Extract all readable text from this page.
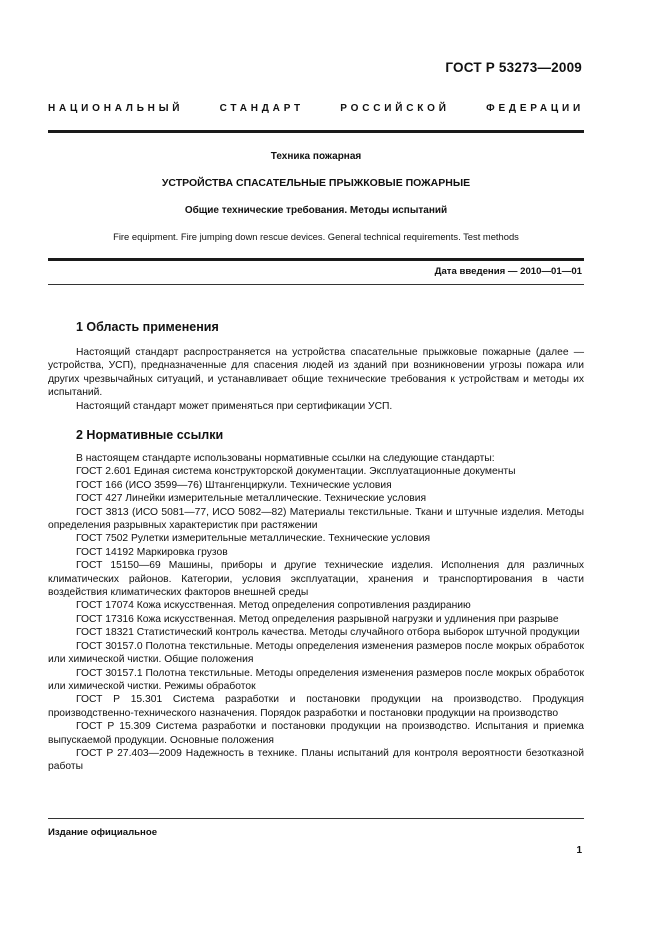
ГОСТ Р 53273—2009
НАЦИОНАЛЬНЫЙ СТАНДАРТ РОССИЙСКОЙ ФЕДЕРАЦИИ
Техника пожарная
УСТРОЙСТВА СПАСАТЕЛЬНЫЕ ПРЫЖКОВЫЕ ПОЖАРНЫЕ
Общие технические требования. Методы испытаний
Fire equipment. Fire jumping down rescue devices. General technical requirements. Test methods
Дата введения — 2010—01—01
1 Область применения

Настоящий стандарт распространяется на устройства спасательные прыжковые пожарные (далее — устройства, УСП), предназначенные для спасения людей из зданий при возникновении угрозы пожара или других чрезвычайных ситуаций, и устанавливает общие технические требования к устройствам и методы их испытаний.

Настоящий стандарт может применяться при сертификации УСП.

2 Нормативные ссылки

В настоящем стандарте использованы нормативные ссылки на следующие стандарты:

ГОСТ 2.601 Единая система конструкторской документации. Эксплуатационные документы

ГОСТ 166 (ИСО 3599—76) Штангенциркули. Технические условия

ГОСТ 427 Линейки измерительные металлические. Технические условия

ГОСТ 3813 (ИСО 5081—77, ИСО 5082—82) Материалы текстильные. Ткани и штучные изделия. Методы определения разрывных характеристик при растяжении

ГОСТ 7502 Рулетки измерительные металлические. Технические условия

ГОСТ 14192 Маркировка грузов

ГОСТ 15150—69 Машины, приборы и другие технические изделия. Исполнения для различных климатических районов. Категории, условия эксплуатации, хранения и транспортирования в части воздействия климатических факторов внешней среды

ГОСТ 17074 Кожа искусственная. Метод определения сопротивления раздиранию

ГОСТ 17316 Кожа искусственная. Метод определения разрывной нагрузки и удлинения при разрыве

ГОСТ 18321 Статистический контроль качества. Методы случайного отбора выборок штучной продукции

ГОСТ 30157.0 Полотна текстильные. Методы определения изменения размеров после мокрых обработок или химической чистки. Общие положения

ГОСТ 30157.1 Полотна текстильные. Методы определения изменения размеров после мокрых обработок или химической чистки. Режимы обработок

ГОСТ Р 15.301 Система разработки и постановки продукции на производство. Продукция производственно-технического назначения. Порядок разработки и постановки продукции на производство

ГОСТ Р 15.309 Система разработки и постановки продукции на производство. Испытания и приемка выпускаемой продукции. Основные положения

ГОСТ Р 27.403—2009 Надежность в технике. Планы испытаний для контроля вероятности безотказной работы

Издание официальное
1
